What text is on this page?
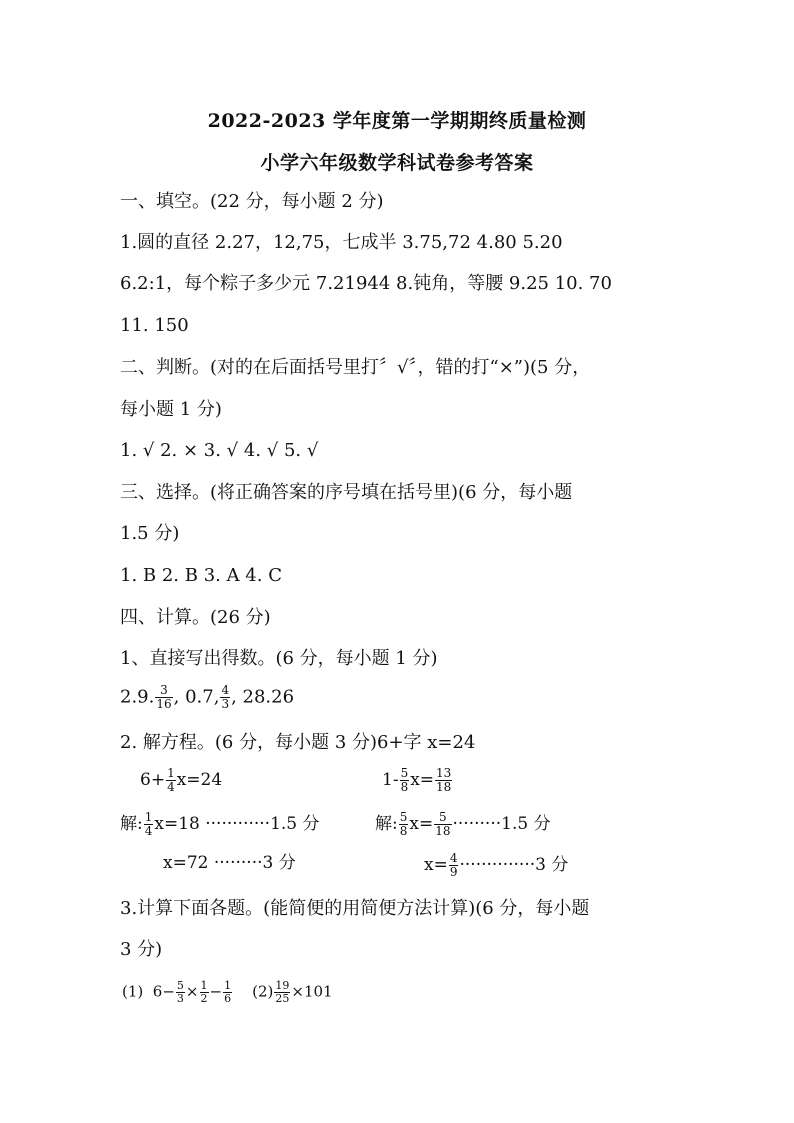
2022-2023 学年度第一学期期终质量检测
小学六年级数学科试卷参考答案
一、填空。(22 分，每小题 2 分)
1.圆的直径 2.27，12,75，七成半 3.75,72 4.80 5.20
6.2:1，每个粽子多少元 7.21944 8.钝角，等腰 9.25 10. 70
11. 150
二、判断。(对的在后面括号里打〞√〞，错的打“×”)(5 分，
每小题 1 分)
1. √ 2. × 3. √ 4. √ 5. √
三、选择。(将正确答案的序号填在括号里)(6 分，每小题
1.5 分)
1. B 2. B 3. A 4. C
四、计算。(26 分)
1、直接写出得数。(6 分，每小题 1 分)
2.9. $\frac{3}{16}$ , 0.7, $\frac{4}{3}$ , 28.26
2. 解方程。(6 分，每小题 3 分)6+字 x=24
$6+ \frac{1}{4} x=24$
解: $\frac{1}{4} x=18 \cdot\cdot\cdot\cdot\cdot\cdot\cdot\cdot\cdot\cdot\cdot\cdot 1.5$ 分
x=72 ·········3 分
$1- \frac{5}{8} x= \frac{13}{18}$
解: $\frac{5}{8} x= \frac{5}{18} \cdot\cdot\cdot\cdot\cdot\cdot\cdot\cdot\cdot 1.5$ 分
$x= \frac{4}{9} \cdot\cdot\cdot\cdot\cdot\cdot\cdot\cdot\cdot\cdot\cdot\cdot\cdot\cdot 3$ 分
3.计算下面各题。(能简便的用简便方法计算)(6 分，每小题
3 分)
(1) $6- \frac{5}{3} \times \frac{1}{2} - \frac{1}{6} (2) \frac{19}{25} \times 101$
